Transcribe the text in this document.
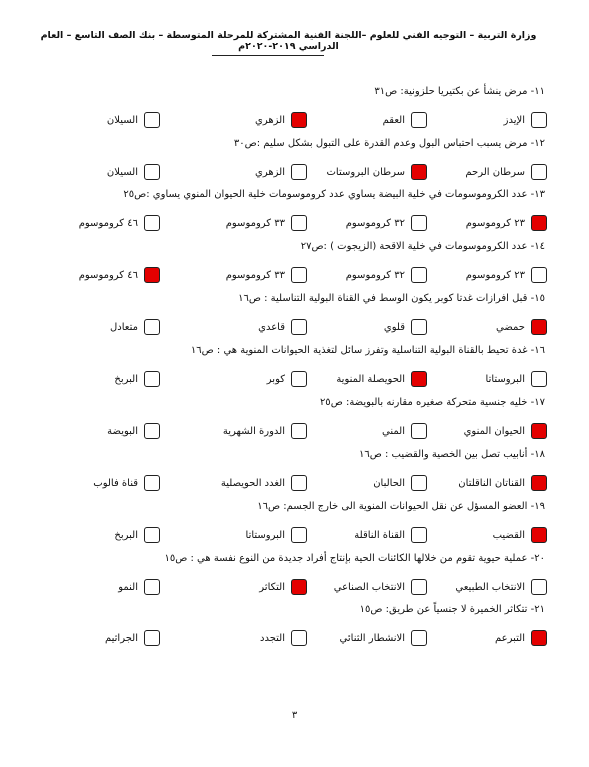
وزارة التربية – التوجيه الفني للعلوم –اللجنة الفنية المشتركة للمرحلة المتوسطة – بنك الصف التاسع – العام الدراسي ٢٠١٩-٢٠٢٠م
١١- مرض ينشأ عن بكتيريا حلزونية: ص٣١
الإيدز
العقم
الزهري
السيلان
١٢- مرض يسبب احتباس البول وعدم القدرة على التبول بشكل سليم :ص٣٠
سرطان الرحم
سرطان البروستات
الزهري
السيلان
١٣- عدد الكروموسومات في خلية البيضة يساوي عدد كروموسومات خلية الحيوان المنوي يساوي :ص٢٥
٢٣ كروموسوم
٣٢ كروموسوم
٣٣ كروموسوم
٤٦ كروموسوم
١٤- عدد الكروموسومات في خلية الاقحة (الزيجوت ) :ص٢٧
٢٣ كروموسوم
٣٢ كروموسوم
٣٣ كروموسوم
٤٦ كروموسوم
١٥- قبل افرازات غدتا كوبر يكون الوسط في القناة البولية التناسلية : ص١٦
حمضي
قلوي
قاعدي
متعادل
١٦- غدة تحيط بالقناة البولية التناسلية وتفرز سائل لتغذية الحيوانات المنوية هي : ص١٦
البروستاتا
الحويصلة المنوية
كوبر
البربخ
١٧- خليه جنسية متحركة صغيره مقارنه بالبويضة: ص٢٥
الحيوان المنوي
المني
الدورة الشهرية
البويضة
١٨- أنابيب تصل بين الخصية والقضيب : ص١٦
القناتان الناقلتان
الحالبان
الغدد الحويصلية
قناة فالوب
١٩- العضو المسؤل عن نقل الحيوانات المنوية الى خارج الجسم: ص١٦
القضيب
القناة الناقلة
البروستاتا
البربخ
٢٠- عملية حيوية تقوم من خلالها الكائنات الحية بإنتاج أفراد جديدة من النوع نفسة هي : ص١٥
الانتخاب الطبيعي
الانتخاب الصناعي
التكاثر
النمو
٢١- تتكاثر الخميرة لا جنسياً عن طريق: ص١٥
التبرعم
الانشطار الثنائي
التجدد
الجراثيم
٣
